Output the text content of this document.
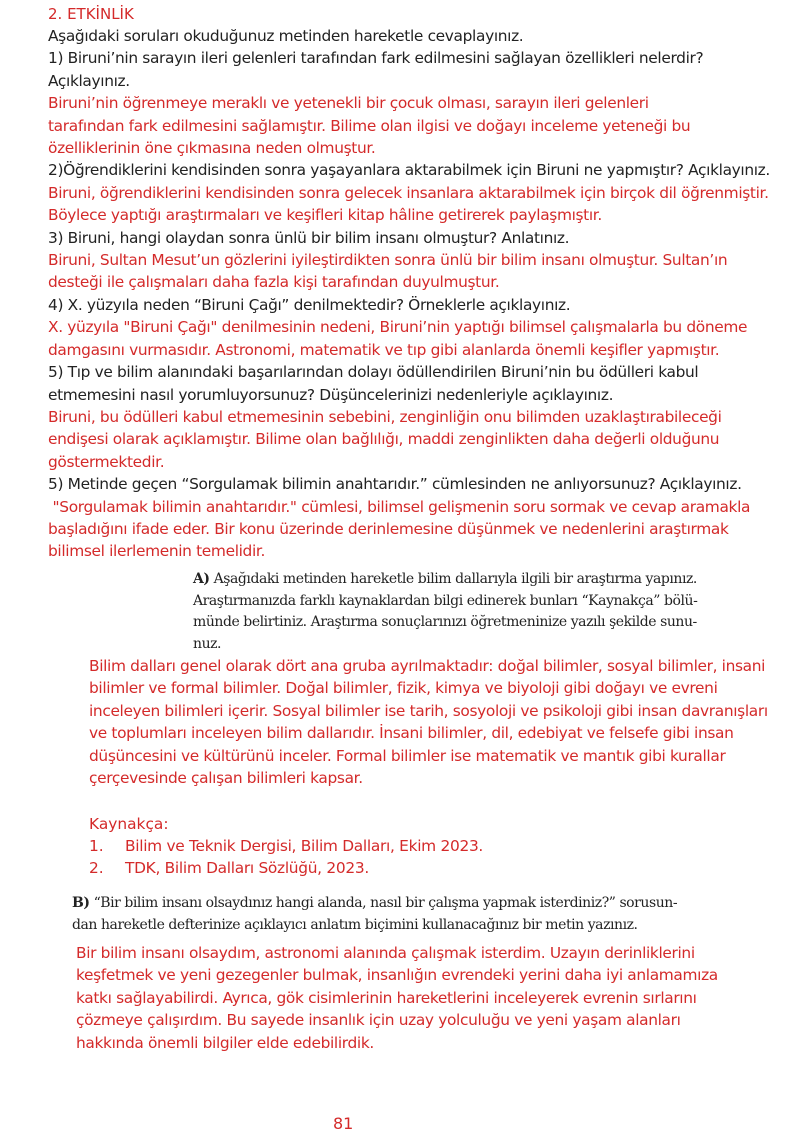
2. ETKİNLİK
Aşağıdaki soruları okuduğunuz metinden hareketle cevaplayınız.
1) Biruni’nin sarayın ileri gelenleri tarafından fark edilmesini sağlayan özellikleri nelerdir?
Açıklayınız.
Biruni’nin öğrenmeye meraklı ve yetenekli bir çocuk olması, sarayın ileri gelenleri
tarafından fark edilmesini sağlamıştır. Bilime olan ilgisi ve doğayı inceleme yeteneği bu
özelliklerinin öne çıkmasına neden olmuştur.
2)Öğrendiklerini kendisinden sonra yaşayanlara aktarabilmek için Biruni ne yapmıştır? Açıklayınız.
Biruni, öğrendiklerini kendisinden sonra gelecek insanlara aktarabilmek için birçok dil öğrenmiştir.
Böylece yaptığı araştırmaları ve keşifleri kitap hâline getirerek paylaşmıştır.
3) Biruni, hangi olaydan sonra ünlü bir bilim insanı olmuştur? Anlatınız.
Biruni, Sultan Mesut’un gözlerini iyileştirdikten sonra ünlü bir bilim insanı olmuştur. Sultan’ın
desteği ile çalışmaları daha fazla kişi tarafından duyulmuştur.
4) X. yüzyıla neden “Biruni Çağı” denilmektedir? Örneklerle açıklayınız.
X. yüzyıla "Biruni Çağı" denilmesinin nedeni, Biruni’nin yaptığı bilimsel çalışmalarla bu döneme
damgasını vurmasıdır. Astronomi, matematik ve tıp gibi alanlarda önemli keşifler yapmıştır.
5) Tıp ve bilim alanındaki başarılarından dolayı ödüllendirilen Biruni’nin bu ödülleri kabul
etmemesini nasıl yorumluyorsunuz? Düşüncelerinizi nedenleriyle açıklayınız.
Biruni, bu ödülleri kabul etmemesinin sebebini, zenginliğin onu bilimden uzaklaştırabileceği
endişesi olarak açıklamıştır. Bilime olan bağlılığı, maddi zenginlikten daha değerli olduğunu
göstermektedir.
5) Metinde geçen “Sorgulamak bilimin anahtarıdır.” cümlesinden ne anlıyorsunuz? Açıklayınız.
"Sorgulamak bilimin anahtarıdır." cümlesi, bilimsel gelişmenin soru sormak ve cevap aramakla
başladığını ifade eder. Bir konu üzerinde derinlemesine düşünmek ve nedenlerini araştırmak
bilimsel ilerlemenin temelidir.
A) Aşağıdaki metinden hareketle bilim dallarıyla ilgili bir araştırma yapınız.
Araştırmanızda farklı kaynaklardan bilgi edinerek bunları “Kaynakça” bölü-
münde belirtiniz. Araştırma sonuçlarınızı öğretmeninize yazılı şekilde sunu-
nuz.
Bilim dalları genel olarak dört ana gruba ayrılmaktadır: doğal bilimler, sosyal bilimler, insani
bilimler ve formal bilimler. Doğal bilimler, fizik, kimya ve biyoloji gibi doğayı ve evreni
inceleyen bilimleri içerir. Sosyal bilimler ise tarih, sosyoloji ve psikoloji gibi insan davranışları
ve toplumları inceleyen bilim dallarıdır. İnsani bilimler, dil, edebiyat ve felsefe gibi insan
düşüncesini ve kültürünü inceler. Formal bilimler ise matematik ve mantık gibi kurallar
çerçevesinde çalışan bilimleri kapsar.
Kaynakça:
1. Bilim ve Teknik Dergisi, Bilim Dalları, Ekim 2023.
2. TDK, Bilim Dalları Sözlüğü, 2023.
B) “Bir bilim insanı olsaydınız hangi alanda, nasıl bir çalışma yapmak isterdiniz?” sorusun-
dan hareketle defterinize açıklayıcı anlatım biçimini kullanacağınız bir metin yazınız.
Bir bilim insanı olsaydım, astronomi alanında çalışmak isterdim. Uzayın derinliklerini
keşfetmek ve yeni gezegenler bulmak, insanlığın evrendeki yerini daha iyi anlamamıza
katkı sağlayabilirdi. Ayrıca, gök cisimlerinin hareketlerini inceleyerek evrenin sırlarını
çözmeye çalışırdım. Bu sayede insanlık için uzay yolculuğu ve yeni yaşam alanları
hakkında önemli bilgiler elde edebilirdik.
81
